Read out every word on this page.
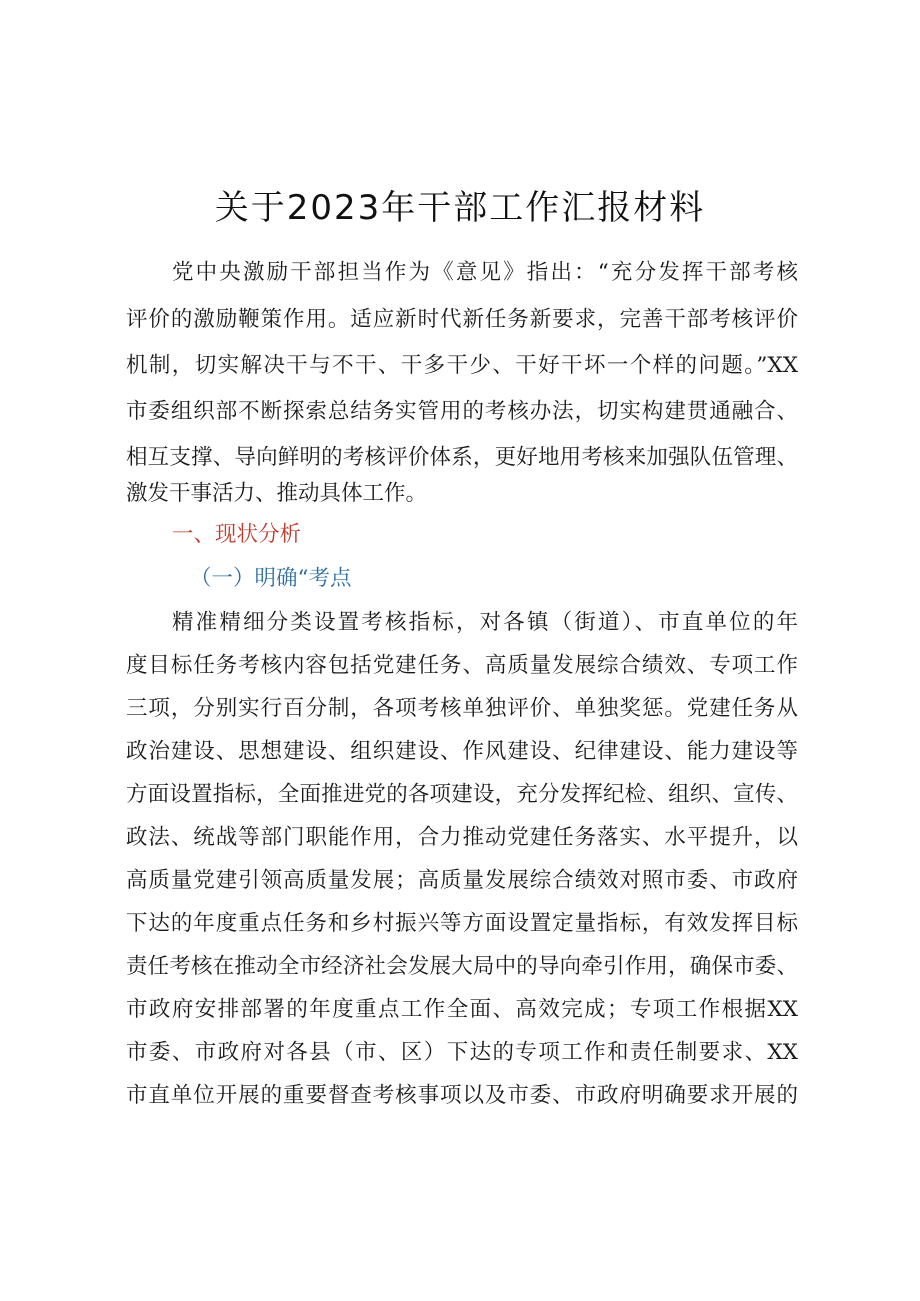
关于2023年干部工作汇报材料

党中央激励干部担当作为《意见》指出：“充分发挥干部考核

评价的激励鞭策作用。适应新时代新任务新要求，完善干部考核评价

机制，切实解决干与不干、干多干少、干好干坏一个样的问题。”XX

市委组织部不断探索总结务实管用的考核办法，切实构建贯通融合、

相互支撑、导向鲜明的考核评价体系，更好地用考核来加强队伍管理、

激发干事活力、推动具体工作。

一、现状分析

（一）明确“考点

精准精细分类设置考核指标，对各镇（街道）、市直单位的年

度目标任务考核内容包括党建任务、高质量发展综合绩效、专项工作

三项，分别实行百分制，各项考核单独评价、单独奖惩。党建任务从

政治建设、思想建设、组织建设、作风建设、纪律建设、能力建设等

方面设置指标，全面推进党的各项建设，充分发挥纪检、组织、宣传、

政法、统战等部门职能作用，合力推动党建任务落实、水平提升，以

高质量党建引领高质量发展；高质量发展综合绩效对照市委、市政府

下达的年度重点任务和乡村振兴等方面设置定量指标，有效发挥目标

责任考核在推动全市经济社会发展大局中的导向牵引作用，确保市委、

市政府安排部署的年度重点工作全面、高效完成；专项工作根据XX

市委、市政府对各县（市、区）下达的专项工作和责任制要求、XX

市直单位开展的重要督查考核事项以及市委、市政府明确要求开展的
